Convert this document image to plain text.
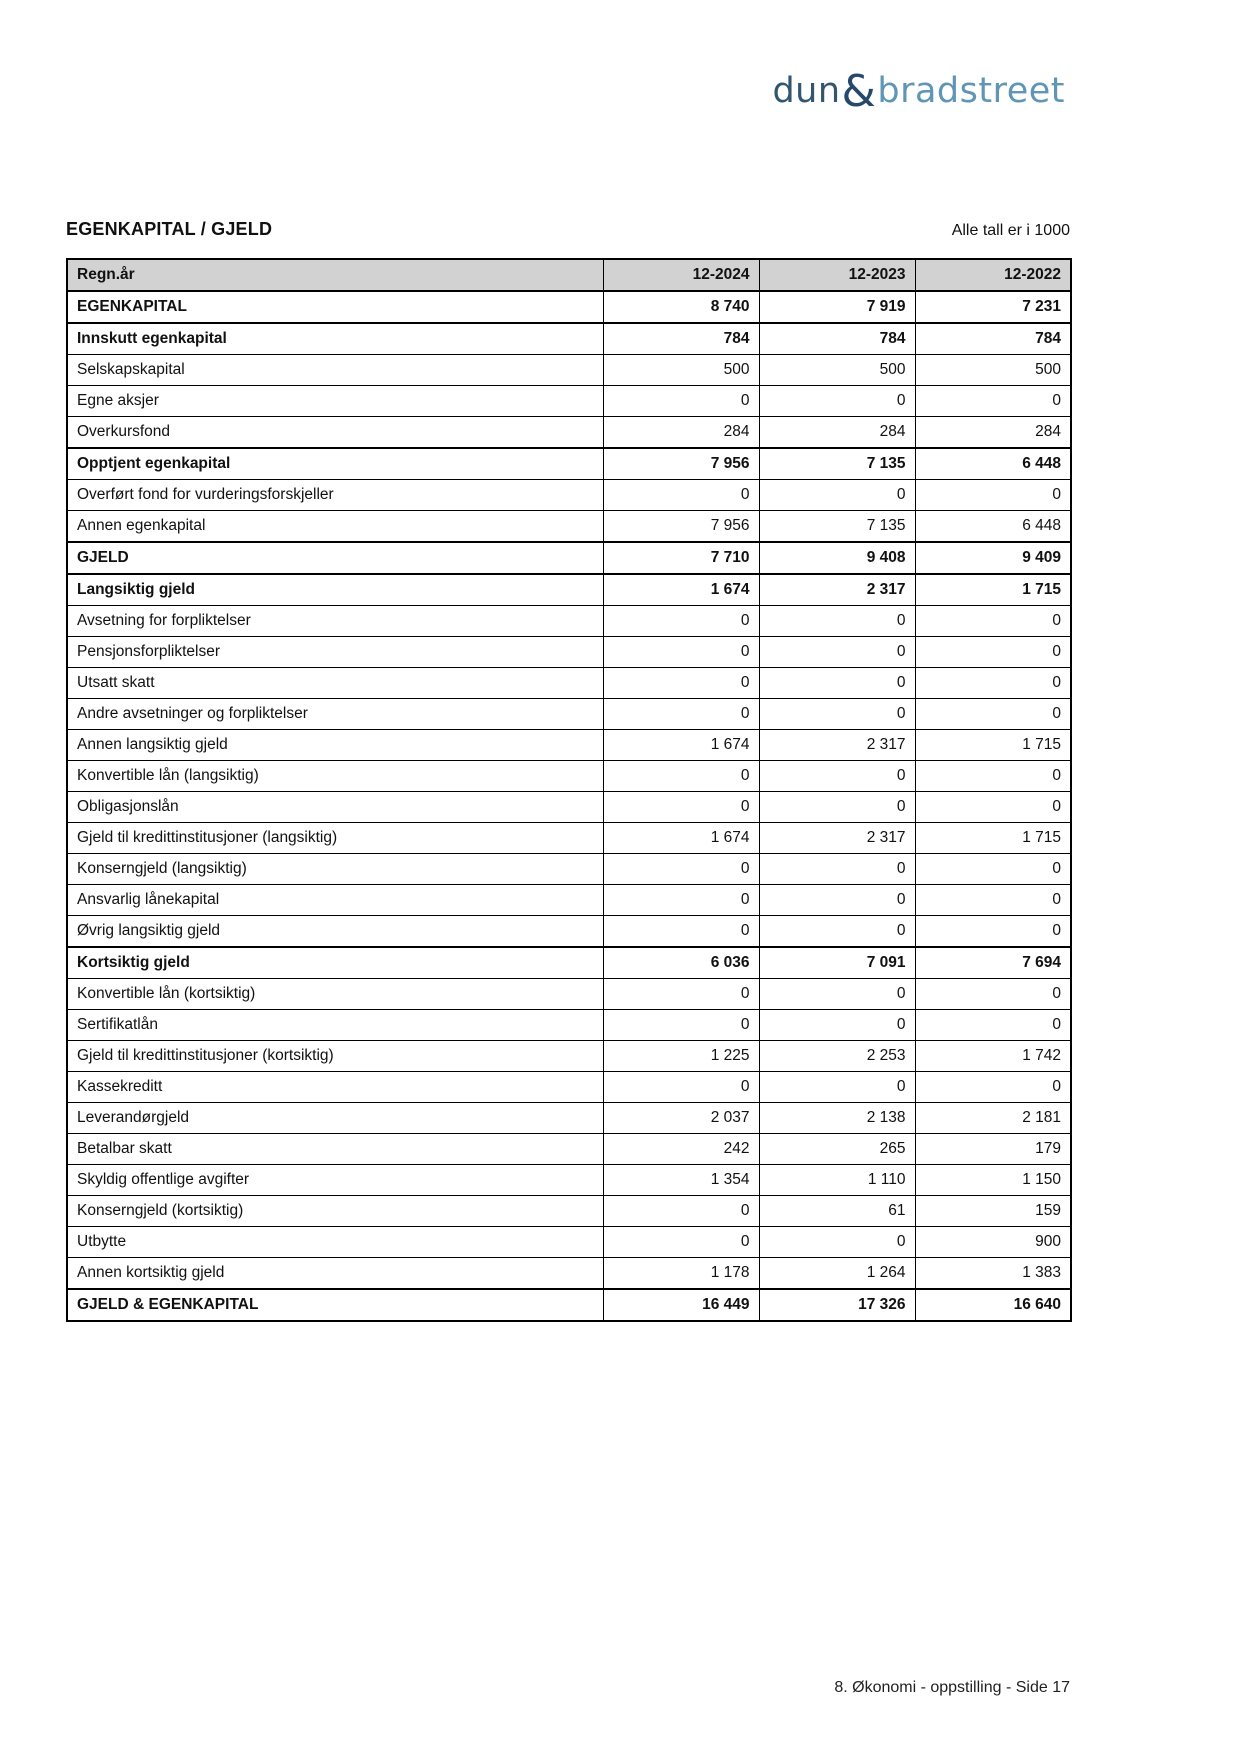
dun&bradstreet
EGENKAPITAL / GJELD	Alle tall er i 1000
Regn.år	12-2024	12-2023	12-2022
EGENKAPITAL	8 740	7 919	7 231
Innskutt egenkapital	784	784	784
Selskapskapital	500	500	500
Egne aksjer	0	0	0
Overkursfond	284	284	284
Opptjent egenkapital	7 956	7 135	6 448
Overført fond for vurderingsforskjeller	0	0	0
Annen egenkapital	7 956	7 135	6 448
GJELD	7 710	9 408	9 409
Langsiktig gjeld	1 674	2 317	1 715
Avsetning for forpliktelser	0	0	0
Pensjonsforpliktelser	0	0	0
Utsatt skatt	0	0	0
Andre avsetninger og forpliktelser	0	0	0
Annen langsiktig gjeld	1 674	2 317	1 715
Konvertible lån (langsiktig)	0	0	0
Obligasjonslån	0	0	0
Gjeld til kredittinstitusjoner (langsiktig)	1 674	2 317	1 715
Konserngjeld (langsiktig)	0	0	0
Ansvarlig lånekapital	0	0	0
Øvrig langsiktig gjeld	0	0	0
Kortsiktig gjeld	6 036	7 091	7 694
Konvertible lån (kortsiktig)	0	0	0
Sertifikatlån	0	0	0
Gjeld til kredittinstitusjoner (kortsiktig)	1 225	2 253	1 742
Kassekreditt	0	0	0
Leverandørgjeld	2 037	2 138	2 181
Betalbar skatt	242	265	179
Skyldig offentlige avgifter	1 354	1 110	1 150
Konserngjeld (kortsiktig)	0	61	159
Utbytte	0	0	900
Annen kortsiktig gjeld	1 178	1 264	1 383
GJELD & EGENKAPITAL	16 449	17 326	16 640
8. Økonomi - oppstilling - Side 17
